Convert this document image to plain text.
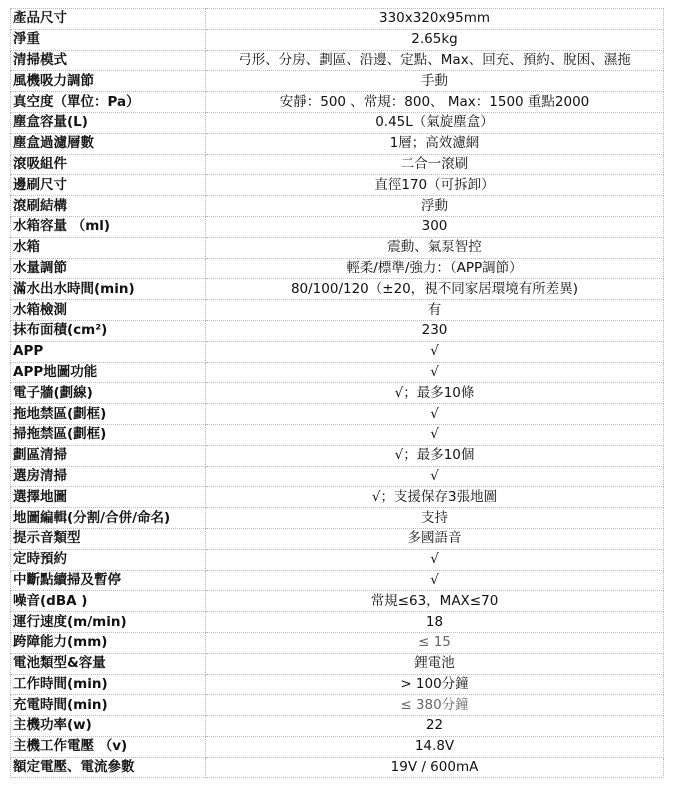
產品尺寸	330x320x95mm
淨重	2.65kg
清掃模式	弓形、分房、劃區、沿邊、定點、Max、回充、預約、脫困、濕拖
風機吸力調節	手動
真空度（單位：Pa）	安靜：500 、常規：800、 Max：1500 重點2000
塵盒容量(L)	0.45L（氣旋塵盒）
塵盒過濾層數	1層；高效濾網
滾吸組件	二合一滾刷
邊刷尺寸	直徑170（可拆卸）
滾刷結構	浮動
水箱容量 （ml)	300
水箱	震動、氣泵智控
水量調節	輕柔/標準/強力：（APP調節）
滿水出水時間(min)	80/100/120（±20，視不同家居環境有所差異)
水箱檢測	有
抹布面積(cm²)	230
APP	√
APP地圖功能	√
電子牆(劃線)	√；最多10條
拖地禁區(劃框)	√
掃拖禁區(劃框)	√
劃區清掃	√；最多10個
選房清掃	√
選擇地圖	√；支援保存3張地圖
地圖編輯(分割/合併/命名)	支持
提示音類型	多國語音
定時預約	√
中斷點續掃及暫停	√
噪音(dBA )	常規≤63，MAX≤70
運行速度(m/min)	18
跨障能力(mm)	≤ 15
電池類型&容量	鋰電池
工作時間(min)	> 100分鐘
充電時間(min)	≤ 380分鐘
主機功率(w)	22
主機工作電壓 （v)	14.8V
額定電壓、電流參數	19V / 600mA
